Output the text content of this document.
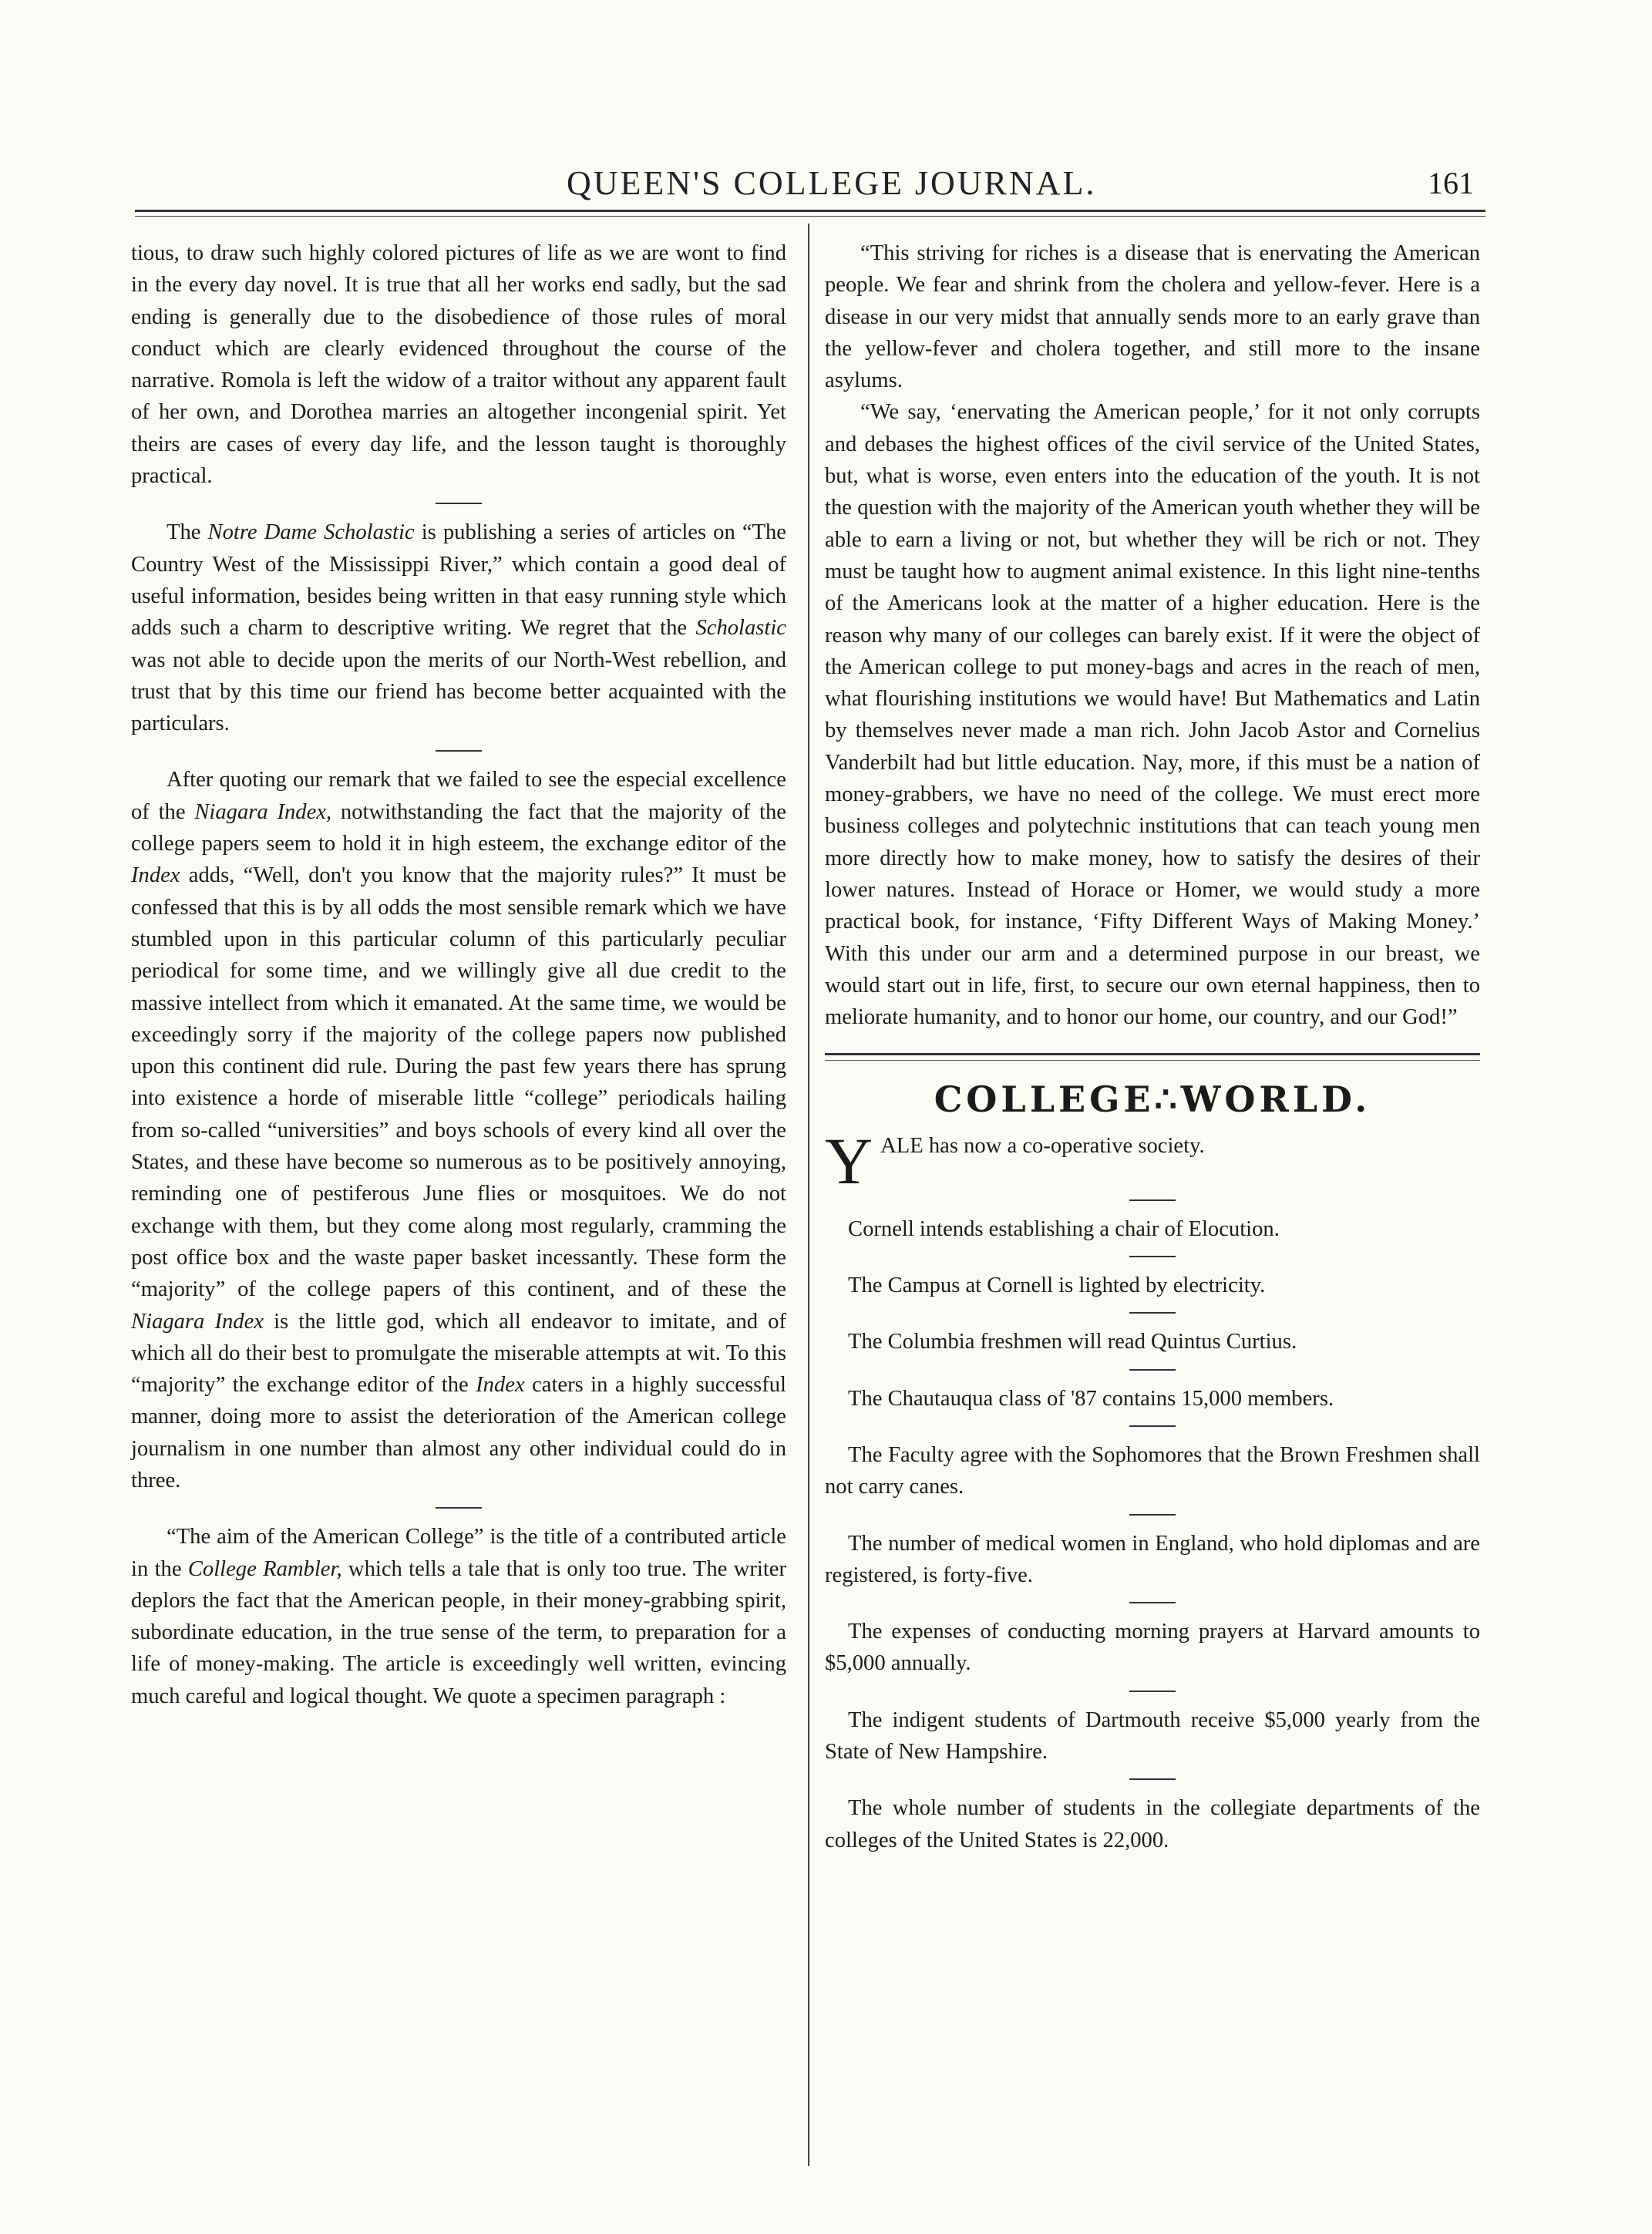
QUEEN'S COLLEGE JOURNAL.	161

tious, to draw such highly colored pictures of life as we are wont to find in the every day novel. It is true that all her works end sadly, but the sad ending is generally due to the disobedience of those rules of moral conduct which are clearly evidenced throughout the course of the narrative. Romola is left the widow of a traitor without any apparent fault of her own, and Dorothea marries an altogether incongenial spirit. Yet theirs are cases of every day life, and the lesson taught is thoroughly practical.

The Notre Dame Scholastic is publishing a series of articles on “The Country West of the Mississippi River,” which contain a good deal of useful information, besides being written in that easy running style which adds such a charm to descriptive writing. We regret that the Scholastic was not able to decide upon the merits of our North-West rebellion, and trust that by this time our friend has become better acquainted with the particulars.

After quoting our remark that we failed to see the especial excellence of the Niagara Index, notwithstanding the fact that the majority of the college papers seem to hold it in high esteem, the exchange editor of the Index adds, “Well, don't you know that the majority rules?” It must be confessed that this is by all odds the most sensible remark which we have stumbled upon in this particular column of this particularly peculiar periodical for some time, and we willingly give all due credit to the massive intellect from which it emanated. At the same time, we would be exceedingly sorry if the majority of the college papers now published upon this continent did rule. During the past few years there has sprung into existence a horde of miserable little “college” periodicals hailing from so-called “universities” and boys schools of every kind all over the States, and these have become so numerous as to be positively annoying, reminding one of pestiferous June flies or mosquitoes. We do not exchange with them, but they come along most regularly, cramming the post office box and the waste paper basket incessantly. These form the “majority” of the college papers of this continent, and of these the Niagara Index is the little god, which all endeavor to imitate, and of which all do their best to promulgate the miserable attempts at wit. To this “majority” the exchange editor of the Index caters in a highly successful manner, doing more to assist the deterioration of the American college journalism in one number than almost any other individual could do in three.

“The aim of the American College” is the title of a contributed article in the College Rambler, which tells a tale that is only too true. The writer deplors the fact that the American people, in their money-grabbing spirit, subordinate education, in the true sense of the term, to preparation for a life of money-making. The article is exceedingly well written, evincing much careful and logical thought. We quote a specimen paragraph :

“This striving for riches is a disease that is enervating the American people. We fear and shrink from the cholera and yellow-fever. Here is a disease in our very midst that annually sends more to an early grave than the yellow-fever and cholera together, and still more to the insane asylums.

“We say, ‘enervating the American people,’ for it not only corrupts and debases the highest offices of the civil service of the United States, but, what is worse, even enters into the education of the youth. It is not the question with the majority of the American youth whether they will be able to earn a living or not, but whether they will be rich or not. They must be taught how to augment animal existence. In this light nine-tenths of the Americans look at the matter of a higher education. Here is the reason why many of our colleges can barely exist. If it were the object of the American college to put money-bags and acres in the reach of men, what flourishing institutions we would have! But Mathematics and Latin by themselves never made a man rich. John Jacob Astor and Cornelius Vanderbilt had but little education. Nay, more, if this must be a nation of money-grabbers, we have no need of the college. We must erect more business colleges and polytechnic institutions that can teach young men more directly how to make money, how to satisfy the desires of their lower natures. Instead of Horace or Homer, we would study a more practical book, for instance, ‘Fifty Different Ways of Making Money.’ With this under our arm and a determined purpose in our breast, we would start out in life, first, to secure our own eternal happiness, then to meliorate humanity, and to honor our home, our country, and our God!”

COLLEGE∴WORLD.

YALE has now a co-operative society.

Cornell intends establishing a chair of Elocution.

The Campus at Cornell is lighted by electricity.

The Columbia freshmen will read Quintus Curtius.

The Chautauqua class of '87 contains 15,000 members.

The Faculty agree with the Sophomores that the Brown Freshmen shall not carry canes.

The number of medical women in England, who hold diplomas and are registered, is forty-five.

The expenses of conducting morning prayers at Harvard amounts to $5,000 annually.

The indigent students of Dartmouth receive $5,000 yearly from the State of New Hampshire.

The whole number of students in the collegiate departments of the colleges of the United States is 22,000.
